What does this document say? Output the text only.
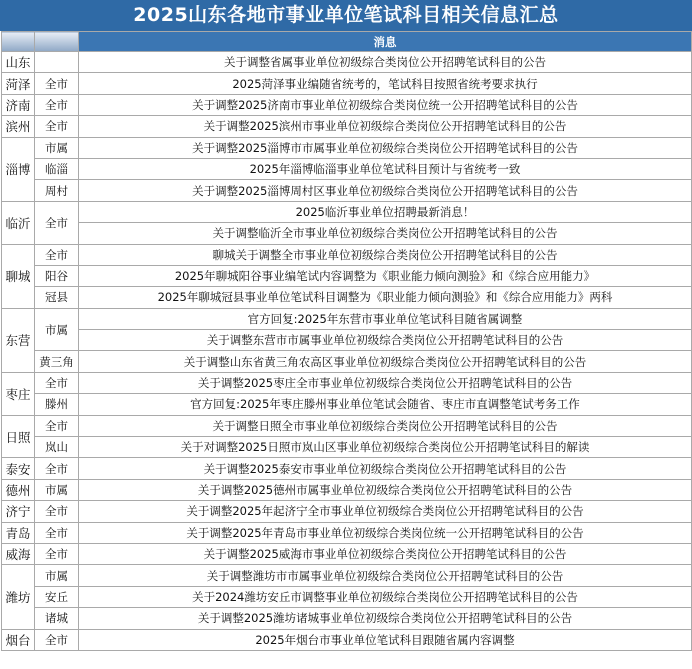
2025山东各地市事业单位笔试科目相关信息汇总
		消息
山东		关于调整省属事业单位初级综合类岗位公开招聘笔试科目的公告
菏泽	全市	2025菏泽事业编随省统考的，笔试科目按照省统考要求执行
济南	全市	关于调整2025济南市事业单位初级综合类岗位统一公开招聘笔试科目的公告
滨州	全市	关于调整2025滨州市事业单位初级综合类岗位公开招聘笔试科目的公告
淄博	市属	关于调整2025淄博市市属事业单位初级综合类岗位公开招聘笔试科目的公告
	临淄	2025年淄博临淄事业单位笔试科目预计与省统考一致
	周村	关于调整2025淄博周村区事业单位初级综合类岗位公开招聘笔试科目的公告
临沂	全市	2025临沂事业单位招聘最新消息！
		关于调整临沂全市事业单位初级综合类岗位公开招聘笔试科目的公告
聊城	全市	聊城关于调整全市事业单位初级综合类岗位公开招聘笔试科目的公告
	阳谷	2025年聊城阳谷事业编笔试内容调整为《职业能力倾向测验》和《综合应用能力》
	冠县	2025年聊城冠县事业单位笔试科目调整为《职业能力倾向测验》和《综合应用能力》两科
东营	市属	官方回复:2025年东营市事业单位笔试科目随省属调整
		关于调整东营市市属事业单位初级综合类岗位公开招聘笔试科目的公告
	黄三角	关于调整山东省黄三角农高区事业单位初级综合类岗位公开招聘笔试科目的公告
枣庄	全市	关于调整2025枣庄全市事业单位初级综合类岗位公开招聘笔试科目的公告
	滕州	官方回复:2025年枣庄滕州事业单位笔试会随省、枣庄市直调整笔试考务工作
日照	全市	关于调整日照全市事业单位初级综合类岗位公开招聘笔试科目的公告
	岚山	关于对调整2025日照市岚山区事业单位初级综合类岗位公开招聘笔试科目的解读
泰安	全市	关于调整2025泰安市事业单位初级综合类岗位公开招聘笔试科目的公告
德州	市属	关于调整2025德州市属事业单位初级综合类岗位公开招聘笔试科目的公告
济宁	全市	关于调整2025年起济宁全市事业单位初级综合类岗位公开招聘笔试科目的公告
青岛	全市	关于调整2025年青岛市事业单位初级综合类岗位统一公开招聘笔试科目的公告
威海	全市	关于调整2025威海市事业单位初级综合类岗位公开招聘笔试科目的公告
潍坊	市属	关于调整潍坊市市属事业单位初级综合类岗位公开招聘笔试科目的公告
	安丘	关于2024潍坊安丘市调整事业单位初级综合类岗位公开招聘笔试科目的公告
	诸城	关于调整2025潍坊诸城事业单位初级综合类岗位公开招聘笔试科目的公告
烟台	全市	2025年烟台市事业单位笔试科目跟随省属内容调整
